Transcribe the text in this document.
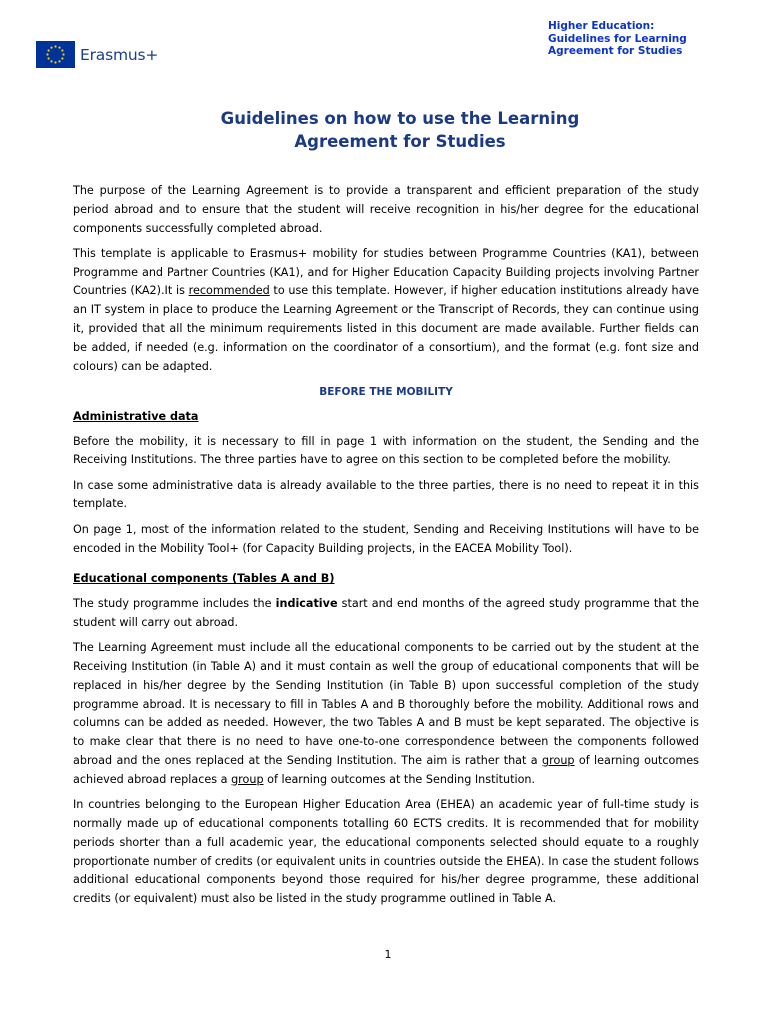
Erasmus+
Higher Education:
Guidelines for Learning
Agreement for Studies
Guidelines on how to use the Learning
Agreement for Studies

The purpose of the Learning Agreement is to provide a transparent and efficient preparation of the study period abroad and to ensure that the student will receive recognition in his/her degree for the educational components successfully completed abroad.

This template is applicable to Erasmus+ mobility for studies between Programme Countries (KA1), between Programme and Partner Countries (KA1), and for Higher Education Capacity Building projects involving Partner Countries (KA2).It is recommended to use this template. However, if higher education institutions already have an IT system in place to produce the Learning Agreement or the Transcript of Records, they can continue using it, provided that all the minimum requirements listed in this document are made available. Further fields can be added, if needed (e.g. information on the coordinator of a consortium), and the format (e.g. font size and colours) can be adapted.

BEFORE THE MOBILITY
Administrative data

Before the mobility, it is necessary to fill in page 1 with information on the student, the Sending and the Receiving Institutions. The three parties have to agree on this section to be completed before the mobility.

In case some administrative data is already available to the three parties, there is no need to repeat it in this template.

On page 1, most of the information related to the student, Sending and Receiving Institutions will have to be encoded in the Mobility Tool+ (for Capacity Building projects, in the EACEA Mobility Tool).

Educational components (Tables A and B)

The study programme includes the indicative start and end months of the agreed study programme that the student will carry out abroad.

The Learning Agreement must include all the educational components to be carried out by the student at the Receiving Institution (in Table A) and it must contain as well the group of educational components that will be replaced in his/her degree by the Sending Institution (in Table B) upon successful completion of the study programme abroad. It is necessary to fill in Tables A and B thoroughly before the mobility. Additional rows and columns can be added as needed. However, the two Tables A and B must be kept separated. The objective is to make clear that there is no need to have one-to-one correspondence between the components followed abroad and the ones replaced at the Sending Institution. The aim is rather that a group of learning outcomes achieved abroad replaces a group of learning outcomes at the Sending Institution.

In countries belonging to the European Higher Education Area (EHEA) an academic year of full-time study is normally made up of educational components totalling 60 ECTS credits. It is recommended that for mobility periods shorter than a full academic year, the educational components selected should equate to a roughly proportionate number of credits (or equivalent units in countries outside the EHEA). In case the student follows additional educational components beyond those required for his/her degree programme, these additional credits (or equivalent) must also be listed in the study programme outlined in Table A.

1
